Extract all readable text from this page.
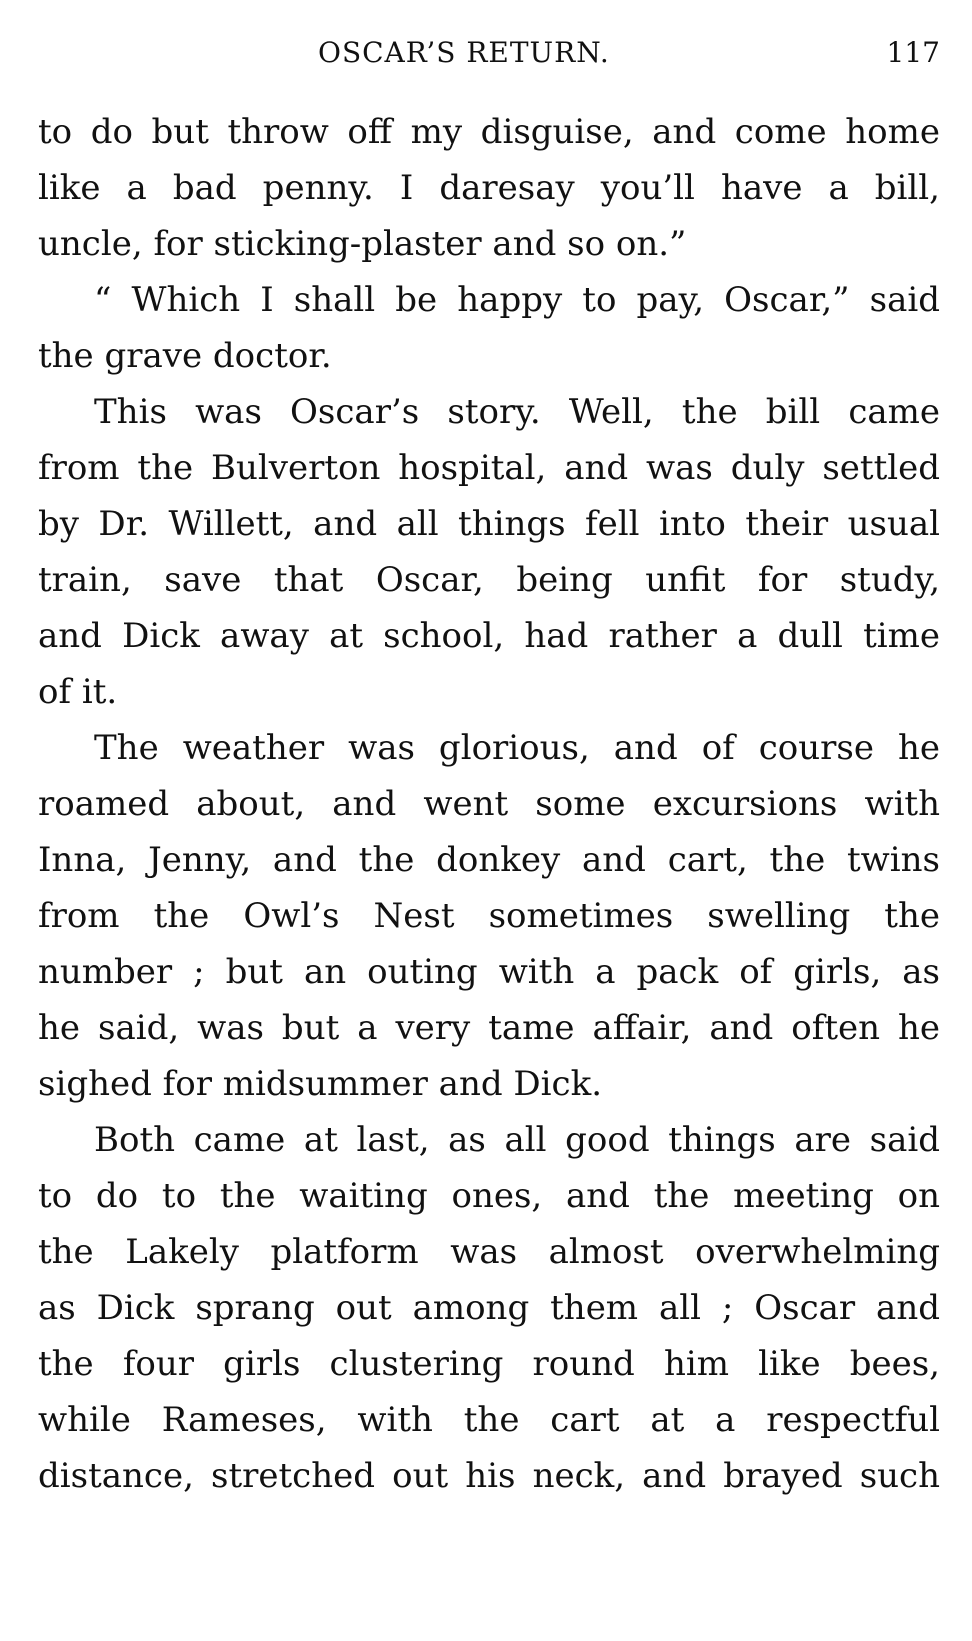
OSCAR’S RETURN.	117
to do but throw off my disguise, and come home
like a bad penny. I daresay you’ll have a bill,
uncle, for sticking-plaster and so on.”
“ Which I shall be happy to pay, Oscar,” said
the grave doctor.
This was Oscar’s story. Well, the bill came
from the Bulverton hospital, and was duly settled
by Dr. Willett, and all things fell into their usual
train, save that Oscar, being unfit for study,
and Dick away at school, had rather a dull time
of it.
The weather was glorious, and of course he
roamed about, and went some excursions with
Inna, Jenny, and the donkey and cart, the twins
from the Owl’s Nest sometimes swelling the
number ; but an outing with a pack of girls, as
he said, was but a very tame affair, and often he
sighed for midsummer and Dick.
Both came at last, as all good things are said
to do to the waiting ones, and the meeting on
the Lakely platform was almost overwhelming
as Dick sprang out among them all ; Oscar and
the four girls clustering round him like bees,
while Rameses, with the cart at a respectful
distance, stretched out his neck, and brayed such
